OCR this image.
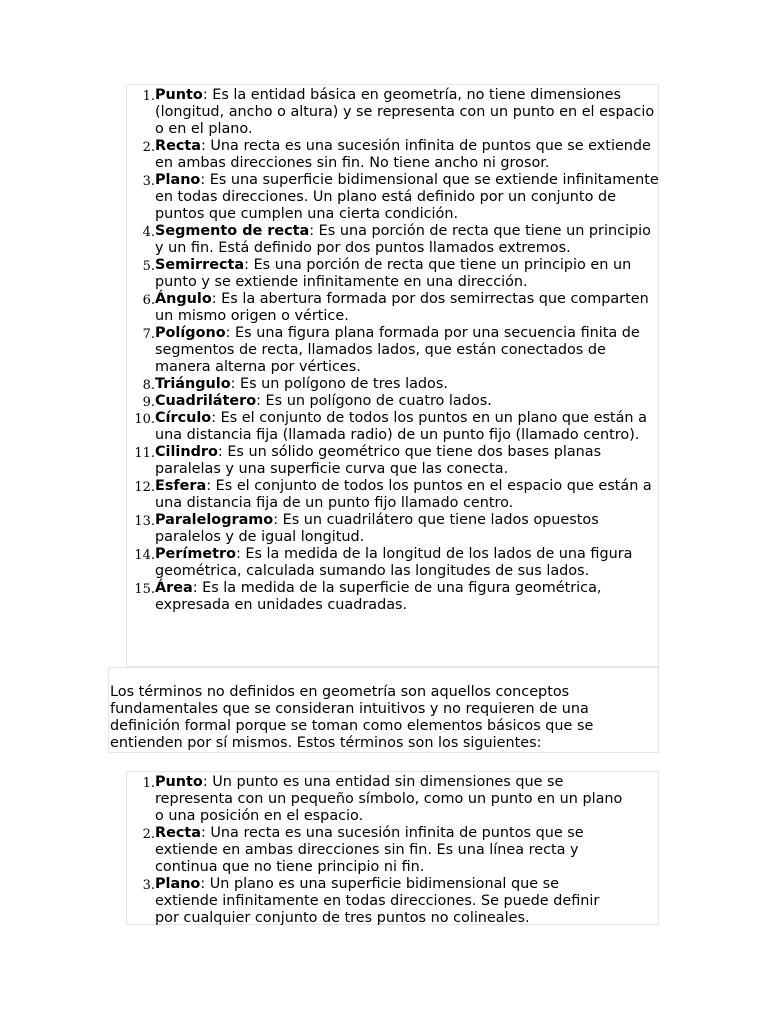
1. Punto: Es la entidad básica en geometría, no tiene dimensiones (longitud, ancho o altura) y se representa con un punto en el espacio o en el plano.
2. Recta: Una recta es una sucesión infinita de puntos que se extiende en ambas direcciones sin fin. No tiene ancho ni grosor.
3. Plano: Es una superficie bidimensional que se extiende infinitamente en todas direcciones. Un plano está definido por un conjunto de puntos que cumplen una cierta condición.
4. Segmento de recta: Es una porción de recta que tiene un principio y un fin. Está definido por dos puntos llamados extremos.
5. Semirrecta: Es una porción de recta que tiene un principio en un punto y se extiende infinitamente en una dirección.
6. Ángulo: Es la abertura formada por dos semirrectas que comparten un mismo origen o vértice.
7. Polígono: Es una figura plana formada por una secuencia finita de segmentos de recta, llamados lados, que están conectados de manera alterna por vértices.
8. Triángulo: Es un polígono de tres lados.
9. Cuadrilátero: Es un polígono de cuatro lados.
10. Círculo: Es el conjunto de todos los puntos en un plano que están a una distancia fija (llamada radio) de un punto fijo (llamado centro).
11. Cilindro: Es un sólido geométrico que tiene dos bases planas paralelas y una superficie curva que las conecta.
12. Esfera: Es el conjunto de todos los puntos en el espacio que están a una distancia fija de un punto fijo llamado centro.
13. Paralelogramo: Es un cuadrilátero que tiene lados opuestos paralelos y de igual longitud.
14. Perímetro: Es la medida de la longitud de los lados de una figura geométrica, calculada sumando las longitudes de sus lados.
15. Área: Es la medida de la superficie de una figura geométrica, expresada en unidades cuadradas.
Los términos no definidos en geometría son aquellos conceptos fundamentales que se consideran intuitivos y no requieren de una definición formal porque se toman como elementos básicos que se entienden por sí mismos. Estos términos son los siguientes:
1. Punto: Un punto es una entidad sin dimensiones que se representa con un pequeño símbolo, como un punto en un plano o una posición en el espacio.
2. Recta: Una recta es una sucesión infinita de puntos que se extiende en ambas direcciones sin fin. Es una línea recta y continua que no tiene principio ni fin.
3. Plano: Un plano es una superficie bidimensional que se extiende infinitamente en todas direcciones. Se puede definir por cualquier conjunto de tres puntos no colineales.
